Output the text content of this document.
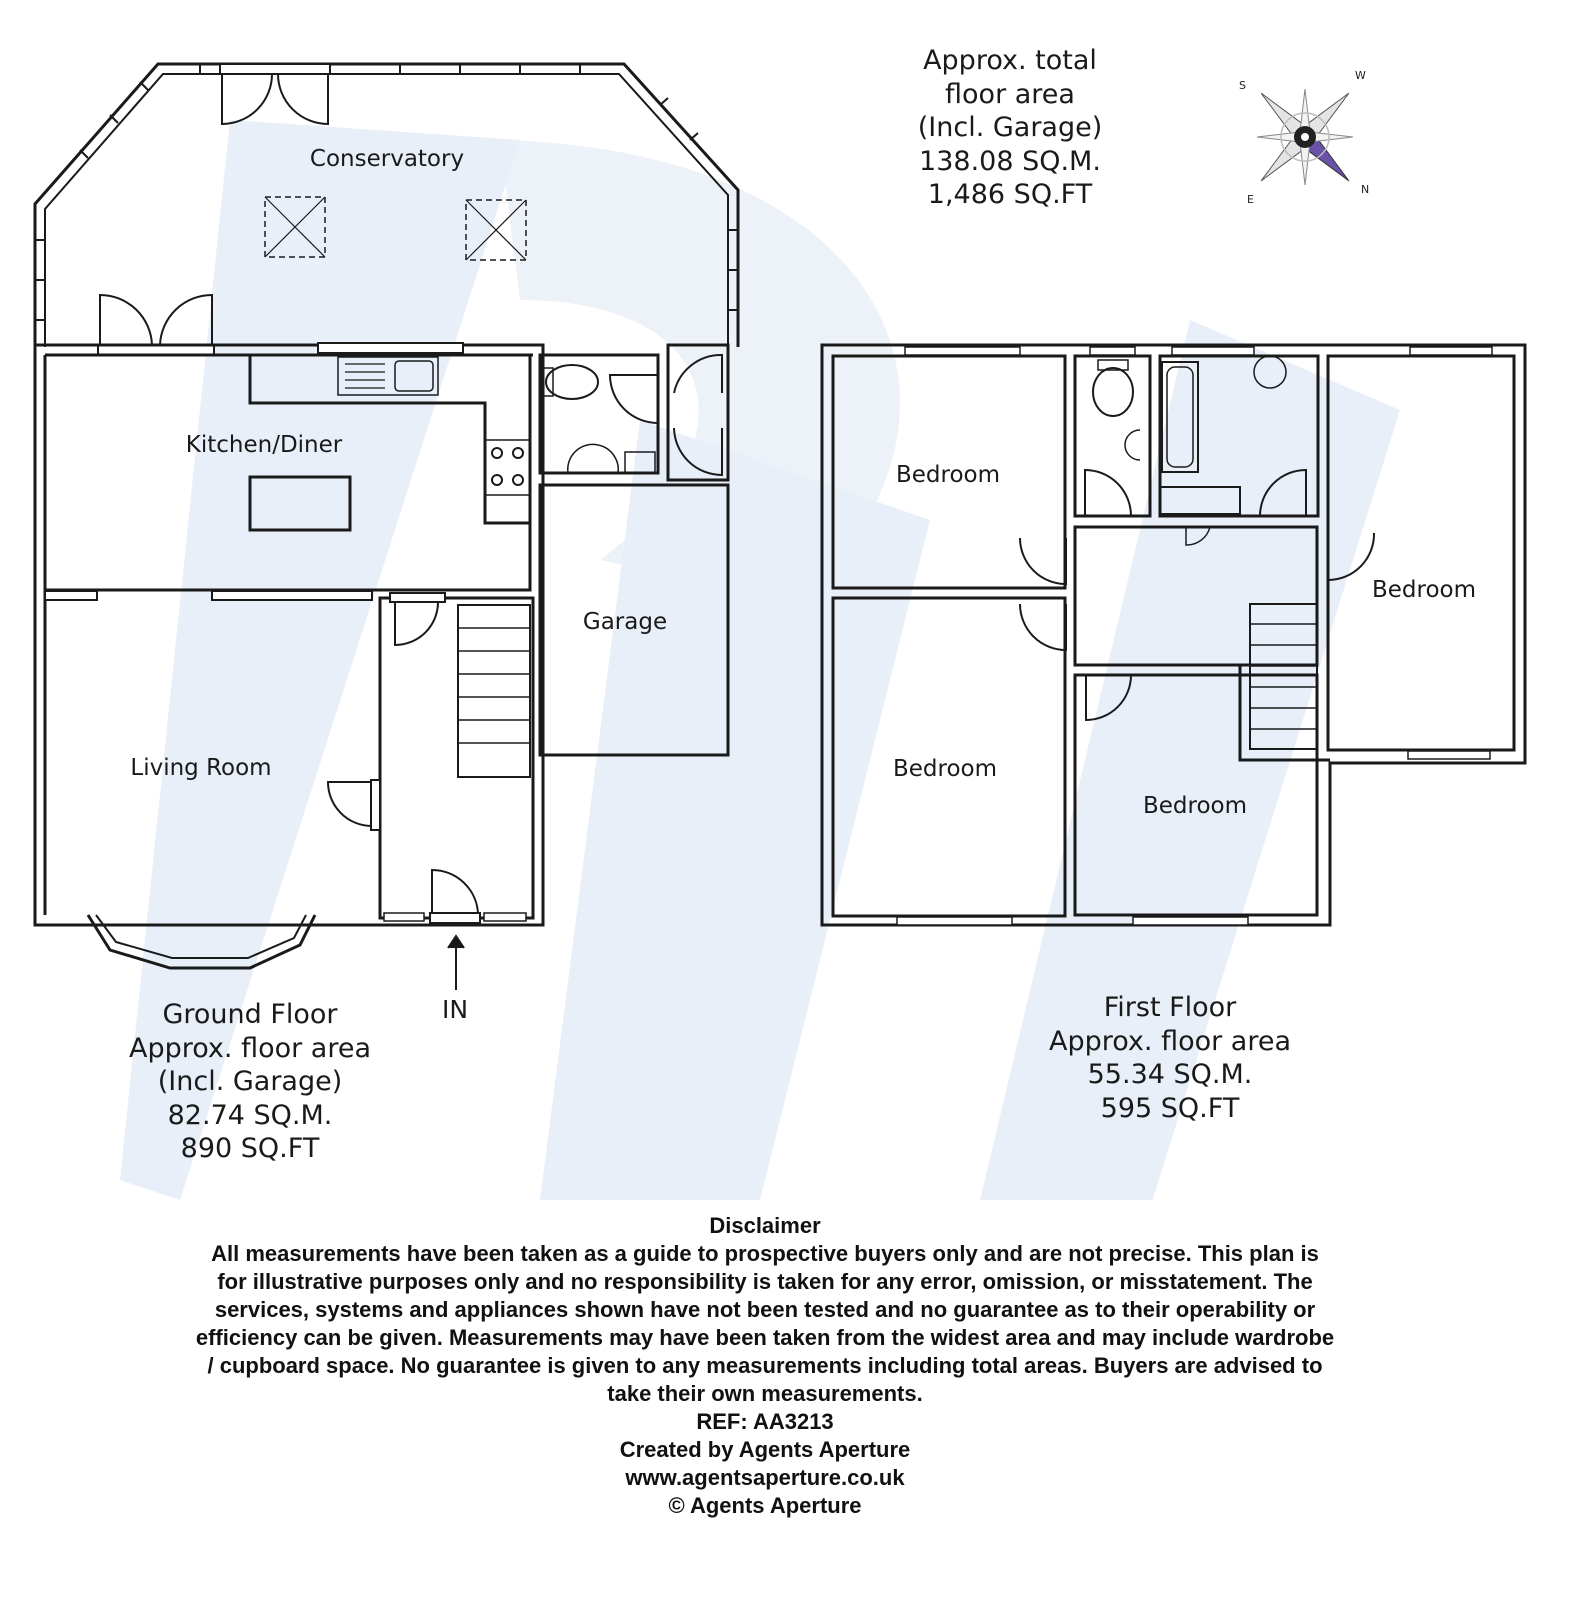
W
S
E
N
Conservatory
Kitchen/Diner
Garage
Living Room
Bedroom
Bedroom
Bedroom
Bedroom
IN
Approx. total
floor area
(Incl. Garage)
138.08 SQ.M.
1,486 SQ.FT
Ground Floor
Approx. floor area
(Incl. Garage)
82.74 SQ.M.
890 SQ.FT
First Floor
Approx. floor area
55.34 SQ.M.
595 SQ.FT
Disclaimer
All measurements have been taken as a guide to prospective buyers only and are not precise. This plan is
for illustrative purposes only and no responsibility is taken for any error, omission, or misstatement. The
services, systems and appliances shown have not been tested and no guarantee as to their operability or
efficiency can be given. Measurements may have been taken from the widest area and may include wardrobe
/ cupboard space. No guarantee is given to any measurements including total areas. Buyers are advised to
take their own measurements.
REF: AA3213
Created by Agents Aperture
www.agentsaperture.co.uk
© Agents Aperture
